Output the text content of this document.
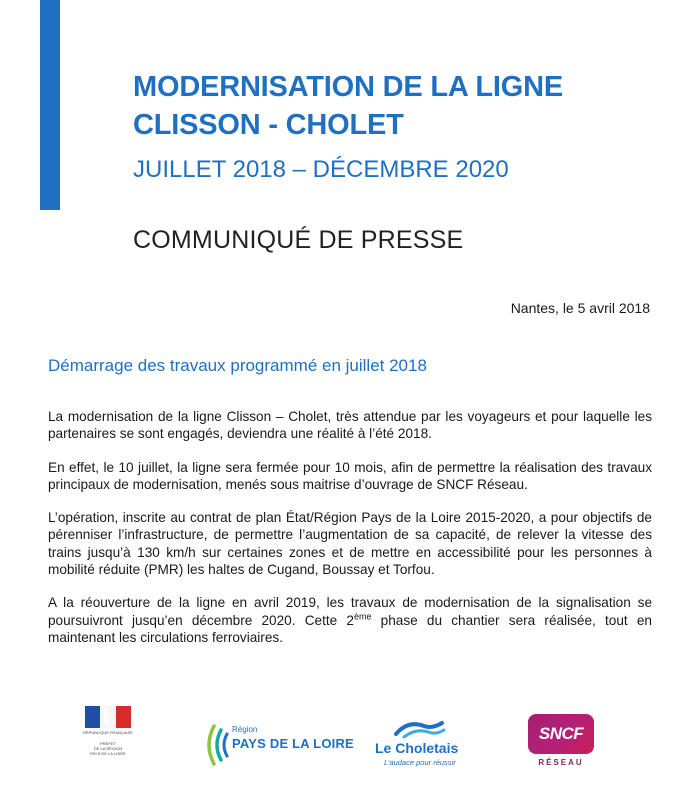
MODERNISATION DE LA LIGNE
CLISSON - CHOLET
JUILLET 2018 – DÉCEMBRE 2020
COMMUNIQUÉ DE PRESSE
Nantes, le 5 avril 2018
Démarrage des travaux programmé en juillet 2018

La modernisation de la ligne Clisson – Cholet, très attendue par les voyageurs et pour laquelle les partenaires se sont engagés, deviendra une réalité à l’été 2018.

En effet, le 10 juillet, la ligne sera fermée pour 10 mois, afin de permettre la réalisation des travaux principaux de modernisation, menés sous maitrise d’ouvrage de SNCF Réseau.

L’opération, inscrite au contrat de plan État/Région Pays de la Loire 2015-2020, a pour objectifs de pérenniser l’infrastructure, de permettre l’augmentation de sa capacité, de relever la vitesse des trains jusqu’à 130 km/h sur certaines zones et de mettre en accessibilité pour les personnes à mobilité réduite (PMR) les haltes de Cugand, Boussay et Torfou.

A la réouverture de la ligne en avril 2019, les travaux de modernisation de la signalisation se poursuivront jusqu’en décembre 2020. Cette 2ème phase du chantier sera réalisée, tout en maintenant les circulations ferroviaires.

RÉPUBLIQUE FRANÇAISE
PRÉFET
DE LA RÉGION
PAYS DE LA LOIRE
Région
PAYS DE LA LOIRE Le Choletais
L’audace pour réussir
SNCF
RÉSEAU
